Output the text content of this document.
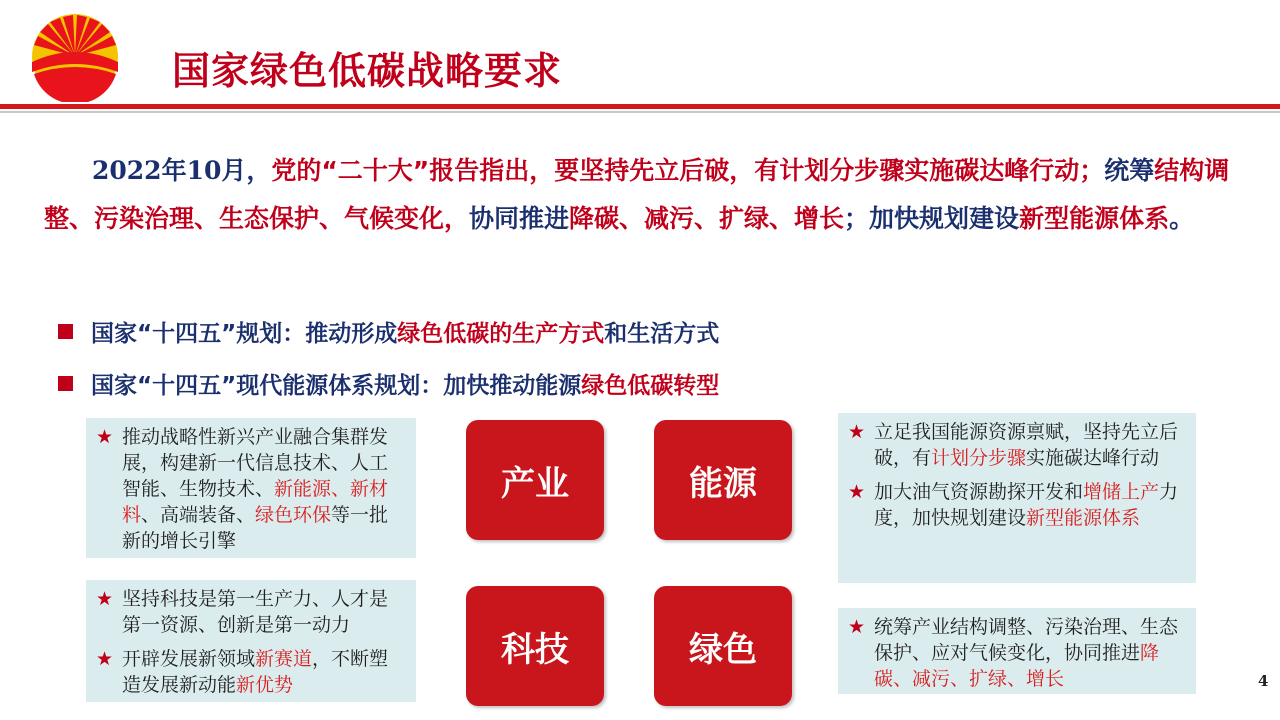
国家绿色低碳战略要求
2022年10月，党的“二十大”报告指出，要坚持先立后破，有计划分步骤实施碳达峰行动；统筹结构调整、污染治理、生态保护、气候变化，协同推进降碳、减污、扩绿、增长；加快规划建设新型能源体系。
国家“十四五”规划：推动形成绿色低碳的生产方式和生活方式
国家“十四五”现代能源体系规划：加快推动能源绿色低碳转型
★ 推动战略性新兴产业融合集群发展，构建新一代信息技术、人工智能、生物技术、新能源、新材料、高端装备、绿色环保等一批新的增长引擎
★ 坚持科技是第一生产力、人才是第一资源、创新是第一动力
★ 开辟发展新领域新赛道，不断塑造发展新动能新优势
产业	能源
科技	绿色
★ 立足我国能源资源禀赋，坚持先立后破，有计划分步骤实施碳达峰行动
★ 加大油气资源勘探开发和增储上产力度，加快规划建设新型能源体系
★ 统筹产业结构调整、污染治理、生态保护、应对气候变化，协同推进降碳、减污、扩绿、增长	4
